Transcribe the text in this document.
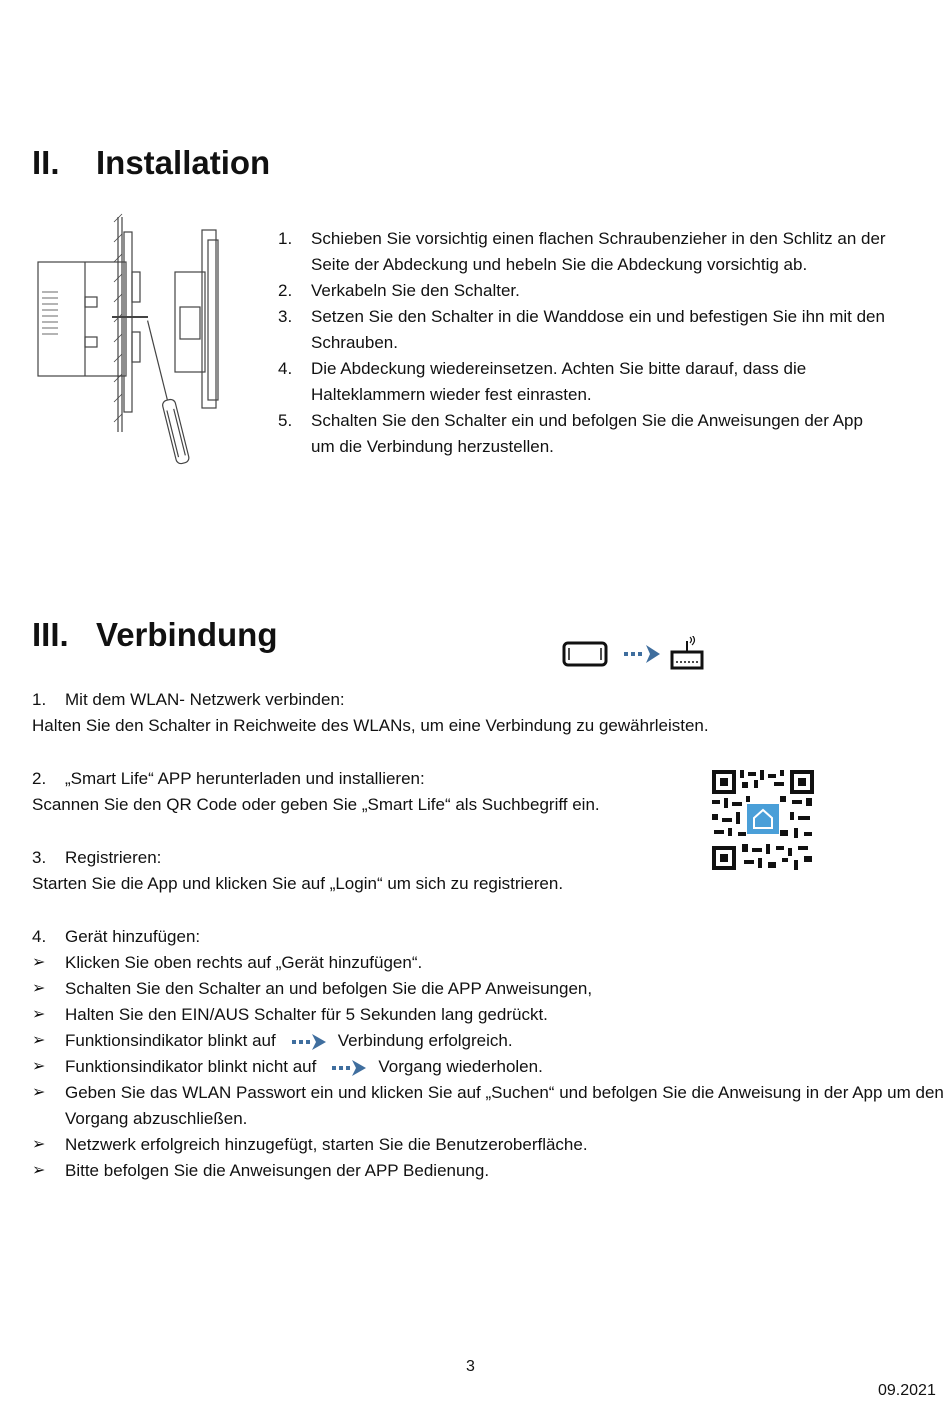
II. Installation
1. Schieben Sie vorsichtig einen flachen Schraubenzieher in den Schlitz an der Seite der Abdeckung und hebeln Sie die Abdeckung vorsichtig ab.
2. Verkabeln Sie den Schalter.
3. Setzen Sie den Schalter in die Wanddose ein und befestigen Sie ihn mit den Schrauben.
4. Die Abdeckung wiedereinsetzen. Achten Sie bitte darauf, dass die Halteklammern wieder fest einrasten.
5. Schalten Sie den Schalter ein und befolgen Sie die Anweisungen der App um die Verbindung herzustellen.
III. Verbindung
1. Mit dem WLAN- Netzwerk verbinden:
Halten Sie den Schalter in Reichweite des WLANs, um eine Verbindung zu gewährleisten.
2. „Smart Life“ APP herunterladen und installieren:
Scannen Sie den QR Code oder geben Sie „Smart Life“ als Suchbegriff ein.
3. Registrieren:
Starten Sie die App und klicken Sie auf „Login“ um sich zu registrieren.
4. Gerät hinzufügen:
➢ Klicken Sie oben rechts auf „Gerät hinzufügen“.
➢ Schalten Sie den Schalter an und befolgen Sie die APP Anweisungen,
➢ Halten Sie den EIN/AUS Schalter für 5 Sekunden lang gedrückt.
➢ Funktionsindikator blinkt auf	Verbindung erfolgreich.
➢ Funktionsindikator blinkt nicht auf	Vorgang wiederholen.
➢ Geben Sie das WLAN Passwort ein und klicken Sie auf „Suchen“ und befolgen Sie die Anweisung in der App um den Vorgang abzuschließen.
➢ Netzwerk erfolgreich hinzugefügt, starten Sie die Benutzeroberfläche.
➢ Bitte befolgen Sie die Anweisungen der APP Bedienung.
3
09.2021
